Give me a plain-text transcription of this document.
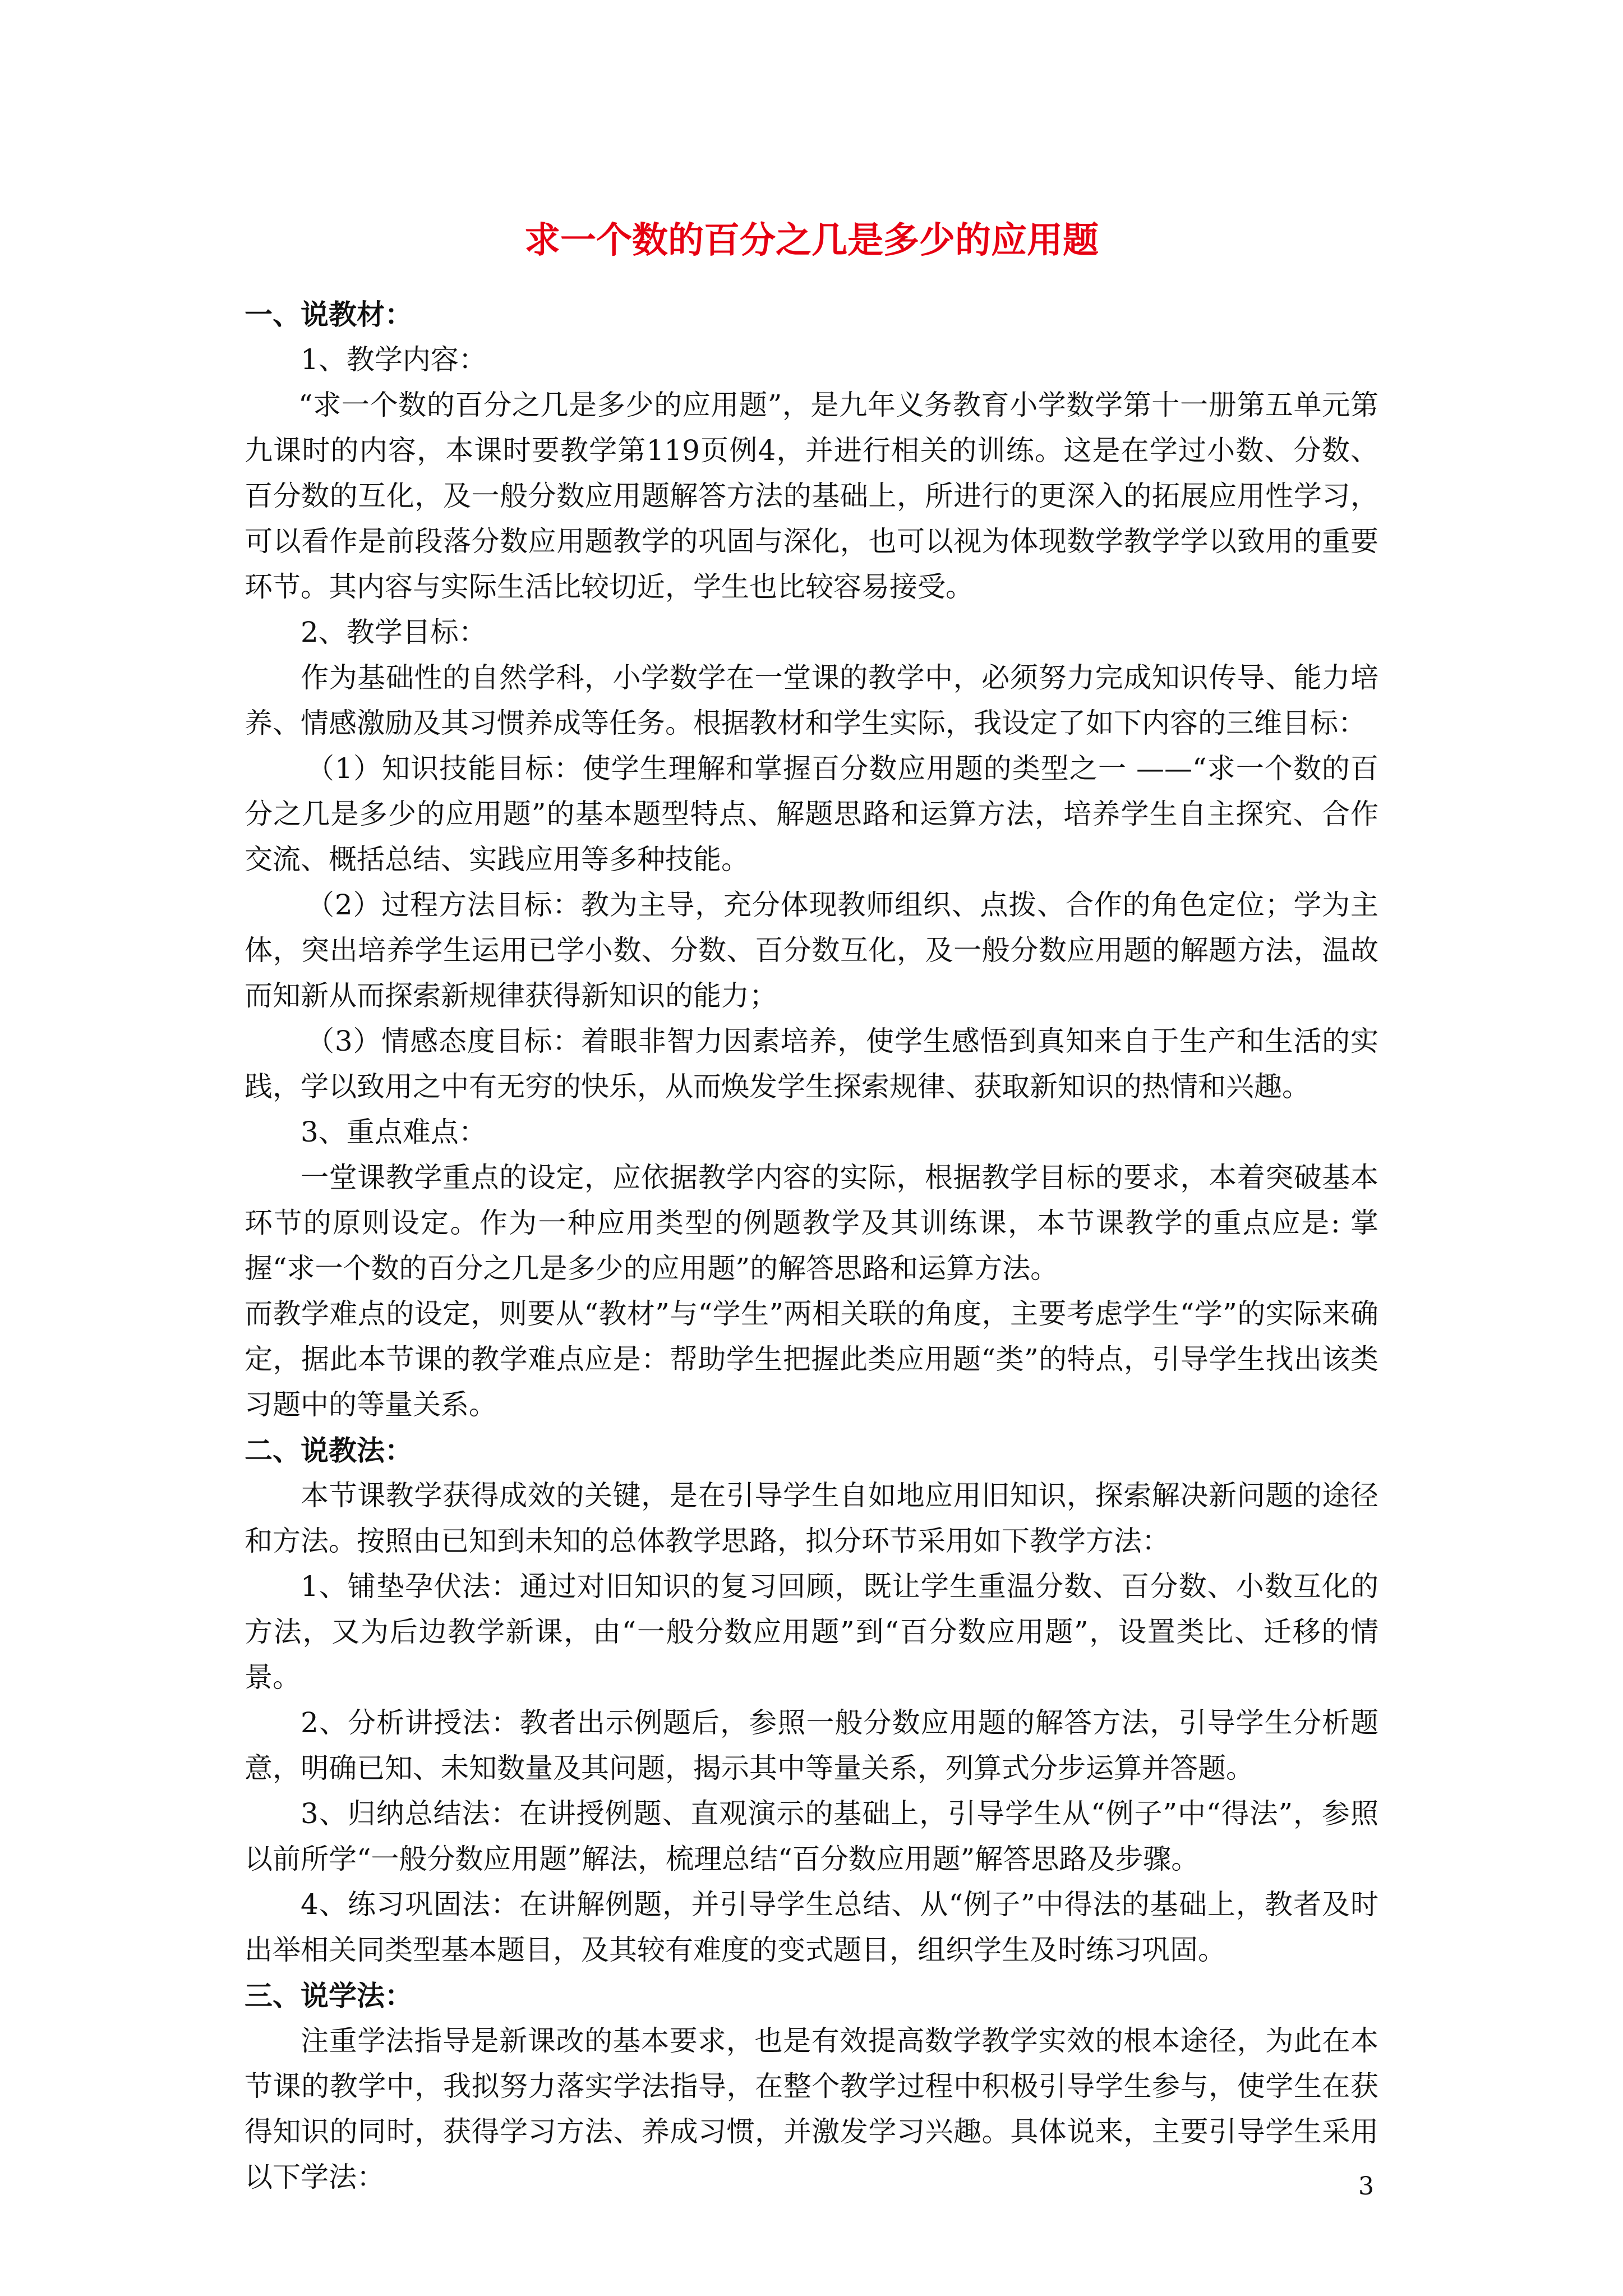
求一个数的百分之几是多少的应用题

一、说教材：

1、教学内容：

“求一个数的百分之几是多少的应用题”，是九年义务教育小学数学第十一册第五单元第九课时的内容，本课时要教学第119页例4，并进行相关的训练。这是在学过小数、分数、百分数的互化，及一般分数应用题解答方法的基础上，所进行的更深入的拓展应用性学习，可以看作是前段落分数应用题教学的巩固与深化，也可以视为体现数学教学学以致用的重要环节。其内容与实际生活比较切近，学生也比较容易接受。

2、教学目标：

作为基础性的自然学科，小学数学在一堂课的教学中，必须努力完成知识传导、能力培养、情感激励及其习惯养成等任务。根据教材和学生实际，我设定了如下内容的三维目标：

（1）知识技能目标：使学生理解和掌握百分数应用题的类型之一 ——“求一个数的百分之几是多少的应用题”的基本题型特点、解题思路和运算方法，培养学生自主探究、合作交流、概括总结、实践应用等多种技能。

（2）过程方法目标：教为主导，充分体现教师组织、点拨、合作的角色定位；学为主体，突出培养学生运用已学小数、分数、百分数互化，及一般分数应用题的解题方法，温故而知新从而探索新规律获得新知识的能力；

（3）情感态度目标：着眼非智力因素培养，使学生感悟到真知来自于生产和生活的实践，学以致用之中有无穷的快乐，从而焕发学生探索规律、获取新知识的热情和兴趣。

3、重点难点：

一堂课教学重点的设定，应依据教学内容的实际，根据教学目标的要求，本着突破基本环节的原则设定。作为一种应用类型的例题教学及其训练课，本节课教学的重点应是: 掌握“求一个数的百分之几是多少的应用题”的解答思路和运算方法。

而教学难点的设定，则要从“教材”与“学生”两相关联的角度，主要考虑学生“学”的实际来确定，据此本节课的教学难点应是：帮助学生把握此类应用题“类”的特点，引导学生找出该类习题中的等量关系。

二、说教法：

本节课教学获得成效的关键，是在引导学生自如地应用旧知识，探索解决新问题的途径和方法。按照由已知到未知的总体教学思路，拟分环节采用如下教学方法：

1、铺垫孕伏法：通过对旧知识的复习回顾，既让学生重温分数、百分数、小数互化的方法，又为后边教学新课，由“一般分数应用题”到“百分数应用题”，设置类比、迁移的情景。

2、分析讲授法：教者出示例题后，参照一般分数应用题的解答方法，引导学生分析题意，明确已知、未知数量及其问题，揭示其中等量关系，列算式分步运算并答题。

3、归纳总结法：在讲授例题、直观演示的基础上，引导学生从“例子”中“得法”，参照以前所学“一般分数应用题”解法，梳理总结“百分数应用题”解答思路及步骤。

4、练习巩固法：在讲解例题，并引导学生总结、从“例子”中得法的基础上，教者及时出举相关同类型基本题目，及其较有难度的变式题目，组织学生及时练习巩固。

三、说学法：

注重学法指导是新课改的基本要求，也是有效提高数学教学实效的根本途径，为此在本节课的教学中，我拟努力落实学法指导，在整个教学过程中积极引导学生参与，使学生在获得知识的同时，获得学习方法、养成习惯，并激发学习兴趣。具体说来，主要引导学生采用以下学法：	3
